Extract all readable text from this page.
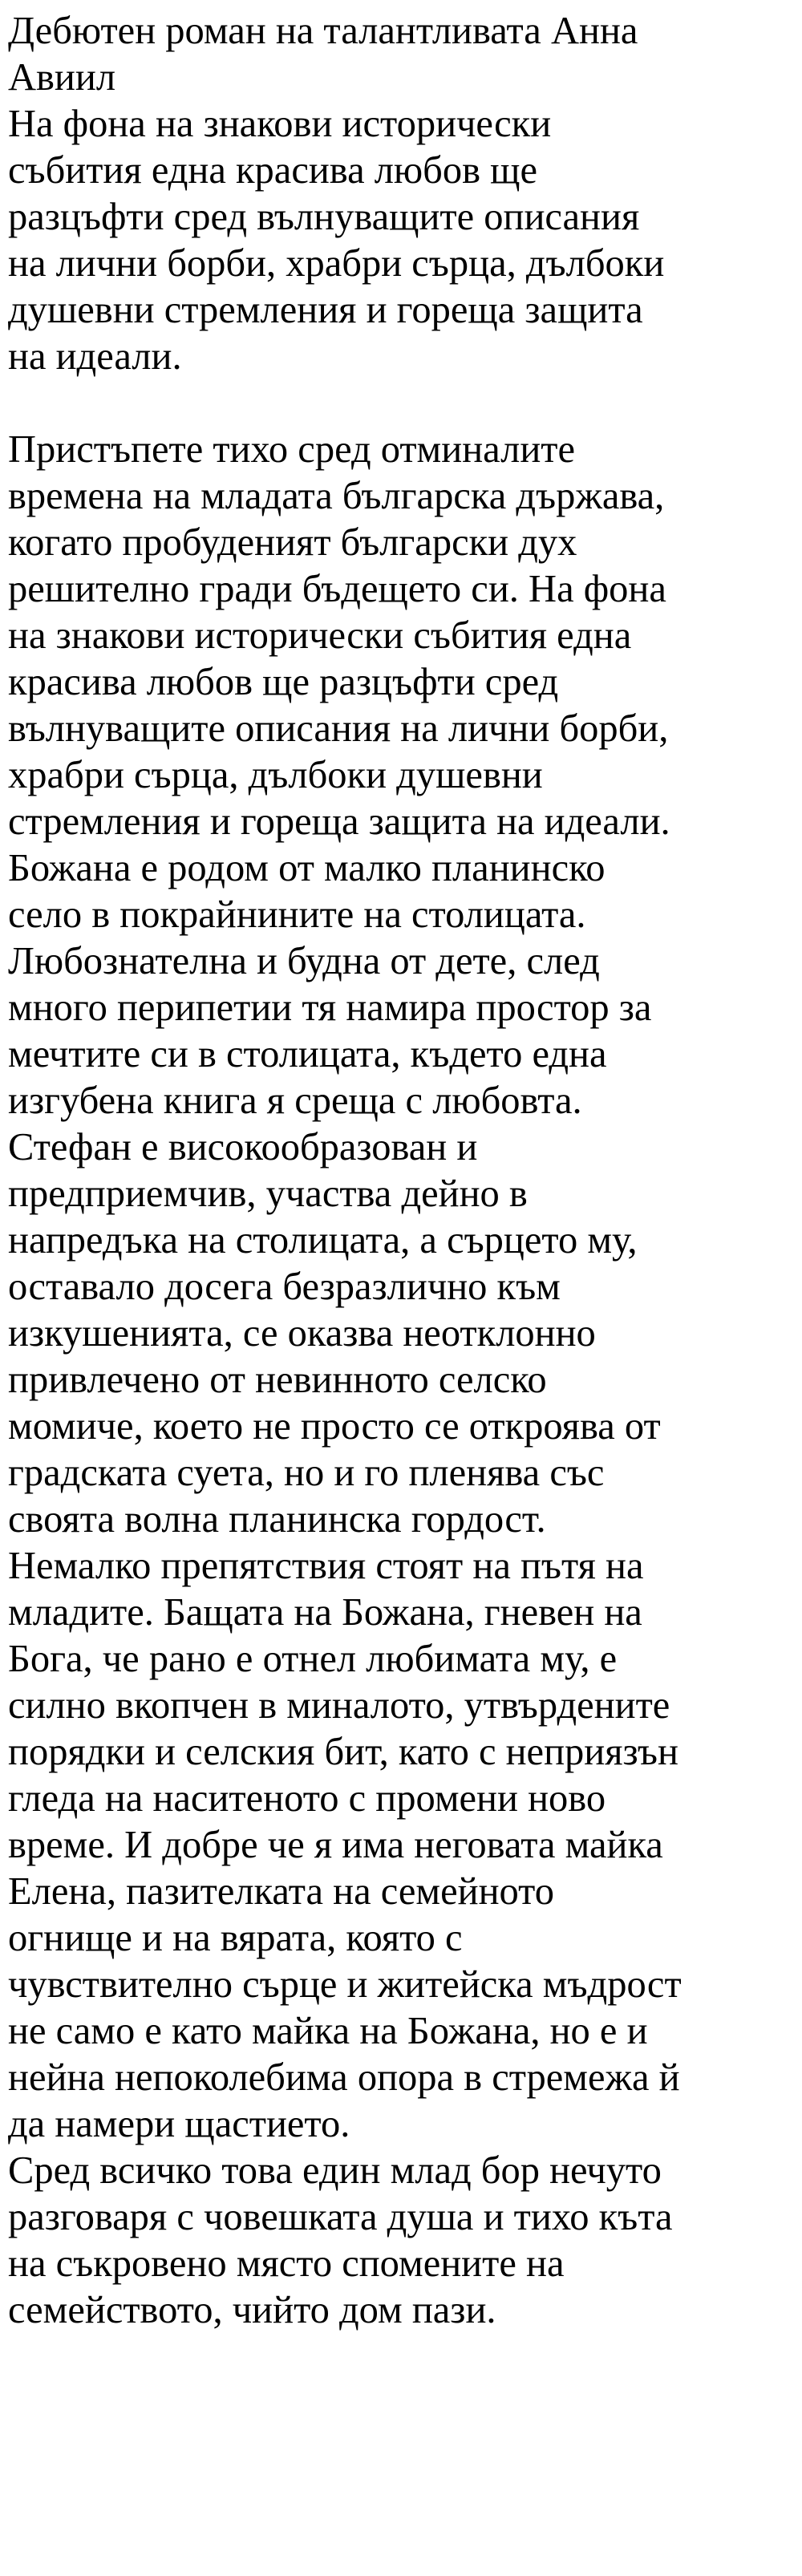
Дебютен роман на талантливата Анна
Авиил

На фона на знакови исторически
събития една красива любов ще
разцъфти сред вълнуващите описания
на лични борби, храбри сърца, дълбоки
душевни стремления и гореща защита
на идеали.

Пристъпете тихо сред отминалите
времена на младата българска държава,
когато пробуденият български дух
решително гради бъдещето си. На фона
на знакови исторически събития една
красива любов ще разцъфти сред
вълнуващите описания на лични борби,
храбри сърца, дълбоки душевни
стремления и гореща защита на идеали.
Божана е родом от малко планинско
село в покрайнините на столицата.
Любознателна и будна от дете, след
много перипетии тя намира простор за
мечтите си в столицата, където една
изгубена книга я среща с любовта.
Стефан е високообразован и
предприемчив, участва дейно в
напредъка на столицата, а сърцето му,
оставало досега безразлично към
изкушенията, се оказва неотклонно
привлечено от невинното селско
момиче, което не просто се откроява от
градската суета, но и го пленява със
своята волна планинска гордост.
Немалко препятствия стоят на пътя на
младите. Бащата на Божана, гневен на
Бога, че рано е отнел любимата му, е
силно вкопчен в миналото, утвърдените
порядки и селския бит, като с неприязън
гледа на наситеното с промени ново
време. И добре че я има неговата майка
Елена, пазителката на семейното
огнище и на вярата, която с
чувствително сърце и житейска мъдрост
не само е като майка на Божана, но е и
нейна непоколебима опора в стремежа й
да намери щастието.
Сред всичко това един млад бор нечуто
разговаря с човешката душа и тихо къта
на съкровено място спомените на
семейството, чийто дом пази.
